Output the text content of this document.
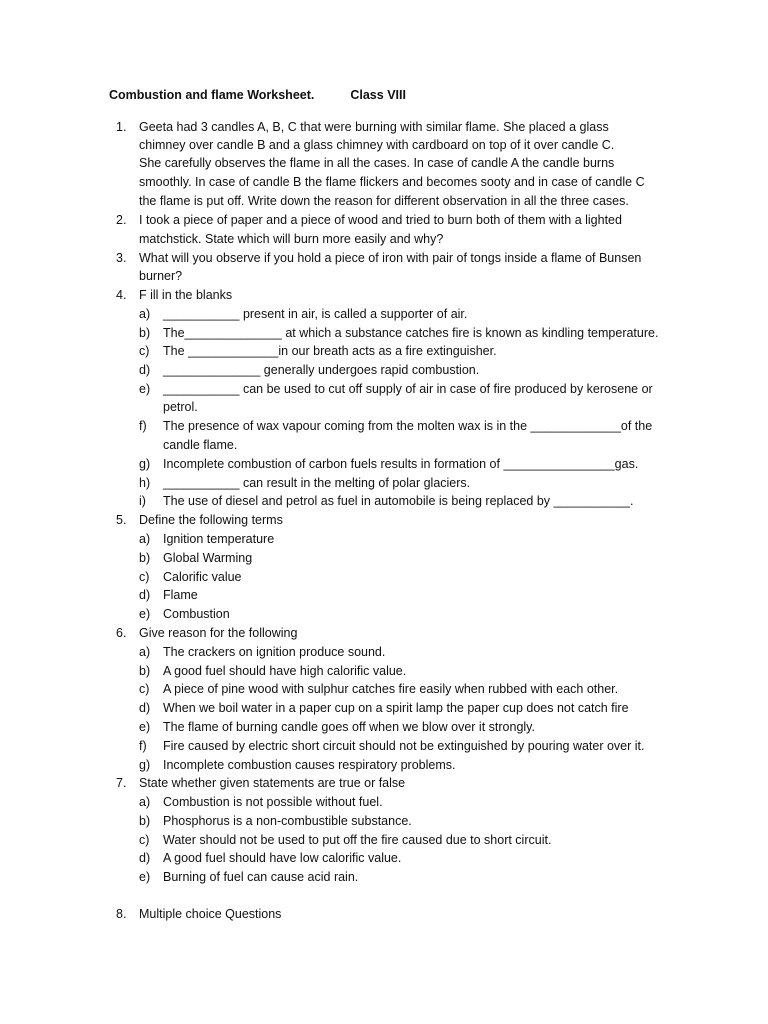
Combustion and flame Worksheet.	Class VIII
1.	Geeta had 3 candles A, B, C that were burning with similar flame. She placed a glass
chimney over candle B and a glass chimney with cardboard on top of it over candle C.
She carefully observes the flame in all the cases. In case of candle A the candle burns
smoothly. In case of candle B the flame flickers and becomes sooty and in case of candle C
the flame is put off. Write down the reason for different observation in all the three cases.
2.	I took a piece of paper and a piece of wood and tried to burn both of them with a lighted
matchstick. State which will burn more easily and why?
3.	What will you observe if you hold a piece of iron with pair of tongs inside a flame of Bunsen
burner?
4.	F ill in the blanks
a)	___________ present in air, is called a supporter of air.
b)	The______________ at which a substance catches fire is known as kindling temperature.
c)	The _____________in our breath acts as a fire extinguisher.
d)	______________ generally undergoes rapid combustion.
e)	___________ can be used to cut off supply of air in case of fire produced by kerosene or
petrol.
f)	The presence of wax vapour coming from the molten wax is in the _____________of the
candle flame.
g)	Incomplete combustion of carbon fuels results in formation of ________________gas.
h)	___________ can result in the melting of polar glaciers.
i)	The use of diesel and petrol as fuel in automobile is being replaced by ___________.
5.	Define the following terms
a)	Ignition temperature
b)	Global Warming
c)	Calorific value
d)	Flame
e)	Combustion
6.	Give reason for the following
a)	The crackers on ignition produce sound.
b)	A good fuel should have high calorific value.
c)	A piece of pine wood with sulphur catches fire easily when rubbed with each other.
d)	When we boil water in a paper cup on a spirit lamp the paper cup does not catch fire
e)	The flame of burning candle goes off when we blow over it strongly.
f)	Fire caused by electric short circuit should not be extinguished by pouring water over it.
g)	Incomplete combustion causes respiratory problems.
7.	State whether given statements are true or false
a)	Combustion is not possible without fuel.
b)	Phosphorus is a non-combustible substance.
c)	Water should not be used to put off the fire caused due to short circuit.
d)	A good fuel should have low calorific value.
e)	Burning of fuel can cause acid rain.
8.	Multiple choice Questions
